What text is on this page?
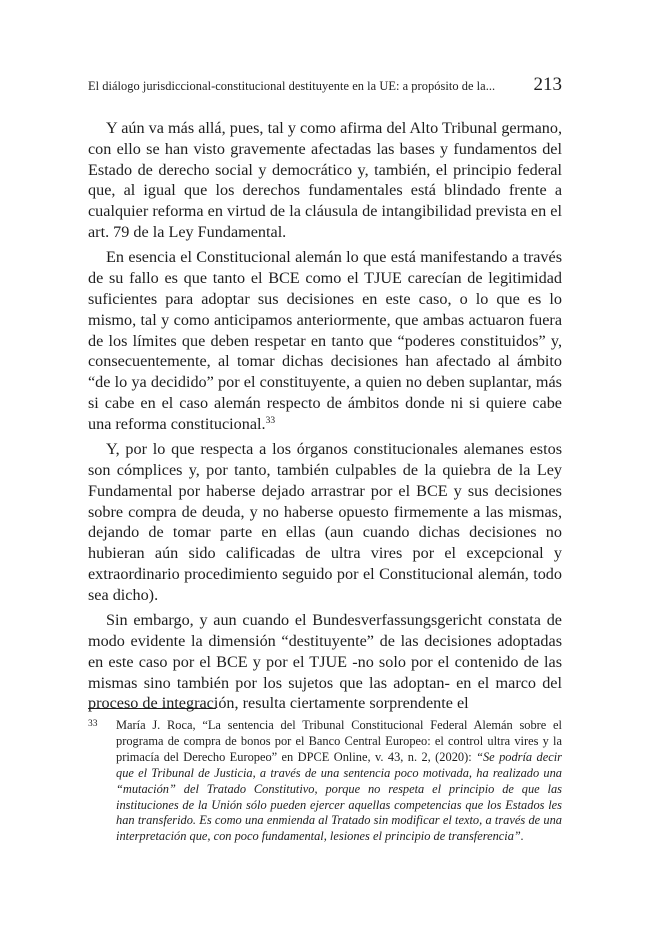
El diálogo jurisdiccional-constitucional destituyente en la UE: a propósito de la... 213

Y aún va más allá, pues, tal y como afirma del Alto Tribunal germano, con ello se han visto gravemente afectadas las bases y fundamentos del Estado de derecho social y democrático y, también, el principio federal que, al igual que los derechos fundamentales está blindado frente a cualquier reforma en virtud de la cláusula de intangibilidad prevista en el art. 79 de la Ley Fundamental.

En esencia el Constitucional alemán lo que está manifestando a través de su fallo es que tanto el BCE como el TJUE carecían de legitimidad suficientes para adoptar sus decisiones en este caso, o lo que es lo mismo, tal y como anticipamos anteriormente, que ambas actuaron fuera de los límites que deben respetar en tanto que “poderes constituidos” y, consecuentemente, al tomar dichas decisiones han afectado al ámbito “de lo ya decidido” por el constituyente, a quien no deben suplantar, más si cabe en el caso alemán respecto de ámbitos donde ni si quiere cabe una reforma constitucional.$^{33}$

Y, por lo que respecta a los órganos constitucionales alemanes estos son cómplices y, por tanto, también culpables de la quiebra de la Ley Fundamental por haberse dejado arrastrar por el BCE y sus decisiones sobre compra de deuda, y no haberse opuesto firmemente a las mismas, dejando de tomar parte en ellas (aun cuando dichas decisiones no hubieran aún sido calificadas de ultra vires por el excepcional y extraordinario procedimiento seguido por el Constitucional alemán, todo sea dicho).

Sin embargo, y aun cuando el Bundesverfassungsgericht constata de modo evidente la dimensión “destituyente” de las decisiones adoptadas en este caso por el BCE y por el TJUE -no solo por el contenido de las mismas sino también por los sujetos que las adoptan- en el marco del proceso de integración, resulta ciertamente sorprendente el

33 María J. Roca, “La sentencia del Tribunal Constitucional Federal Alemán sobre el programa de compra de bonos por el Banco Central Europeo: el control ultra vires y la primacía del Derecho Europeo” en DPCE Online, v. 43, n. 2, (2020): “Se podría decir que el Tribunal de Justicia, a través de una sentencia poco motivada, ha realizado una “mutación” del Tratado Constitutivo, porque no respeta el principio de que las instituciones de la Unión sólo pueden ejercer aquellas competencias que los Estados les han transferido. Es como una enmienda al Tratado sin modificar el texto, a través de una interpretación que, con poco fundamental, lesiones el principio de transferencia”.
